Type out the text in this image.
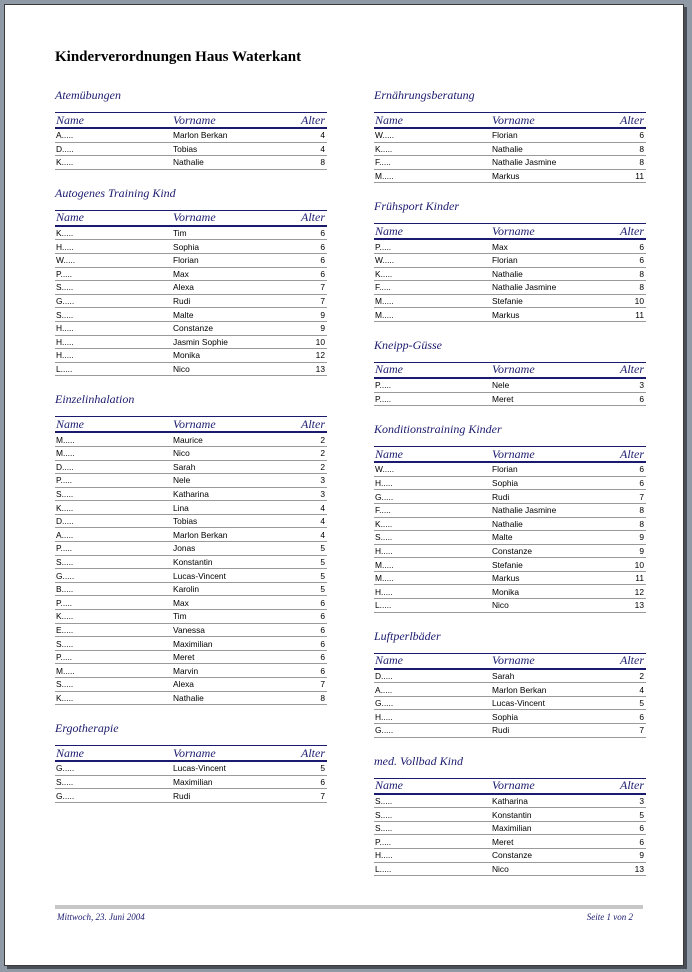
Kinderverordnungen Haus Waterkant
Atemübungen
Name	Vorname	Alter
A.....	Marlon Berkan	4
D.....	Tobias	4
K.....	Nathalie	8
Autogenes Training Kind
Name	Vorname	Alter
K.....	Tim	6
H.....	Sophia	6
W.....	Florian	6
P.....	Max	6
S.....	Alexa	7
G.....	Rudi	7
S.....	Malte	9
H.....	Constanze	9
H.....	Jasmin Sophie	10
H.....	Monika	12
L.....	Nico	13
Einzelinhalation
Name	Vorname	Alter
M.....	Maurice	2
M.....	Nico	2
D.....	Sarah	2
P.....	Nele	3
S.....	Katharina	3
K.....	Lina	4
D.....	Tobias	4
A.....	Marlon Berkan	4
P.....	Jonas	5
S.....	Konstantin	5
G.....	Lucas-Vincent	5
B.....	Karolin	5
P.....	Max	6
K.....	Tim	6
E.....	Vanessa	6
S.....	Maximilian	6
P.....	Meret	6
M.....	Marvin	6
S.....	Alexa	7
K.....	Nathalie	8
Ergotherapie
Name	Vorname	Alter
G.....	Lucas-Vincent	5
S.....	Maximilian	6
G.....	Rudi	7
Ernährungsberatung
Name	Vorname	Alter
W.....	Florian	6
K.....	Nathalie	8
F.....	Nathalie Jasmine	8
M.....	Markus	11
Frühsport Kinder
Name	Vorname	Alter
P.....	Max	6
W.....	Florian	6
K.....	Nathalie	8
F.....	Nathalie Jasmine	8
M.....	Stefanie	10
M.....	Markus	11
Kneipp-Güsse
Name	Vorname	Alter
P.....	Nele	3
P.....	Meret	6
Konditionstraining Kinder
Name	Vorname	Alter
W.....	Florian	6
H.....	Sophia	6
G.....	Rudi	7
F.....	Nathalie Jasmine	8
K.....	Nathalie	8
S.....	Malte	9
H.....	Constanze	9
M.....	Stefanie	10
M.....	Markus	11
H.....	Monika	12
L.....	Nico	13
Luftperlbäder
Name	Vorname	Alter
D.....	Sarah	2
A.....	Marlon Berkan	4
G.....	Lucas-Vincent	5
H.....	Sophia	6
G.....	Rudi	7
med. Vollbad Kind
Name	Vorname	Alter
S.....	Katharina	3
S.....	Konstantin	5
S.....	Maximilian	6
P.....	Meret	6
H.....	Constanze	9
L.....	Nico	13
Mittwoch, 23. Juni 2004	Seite 1 von 2
